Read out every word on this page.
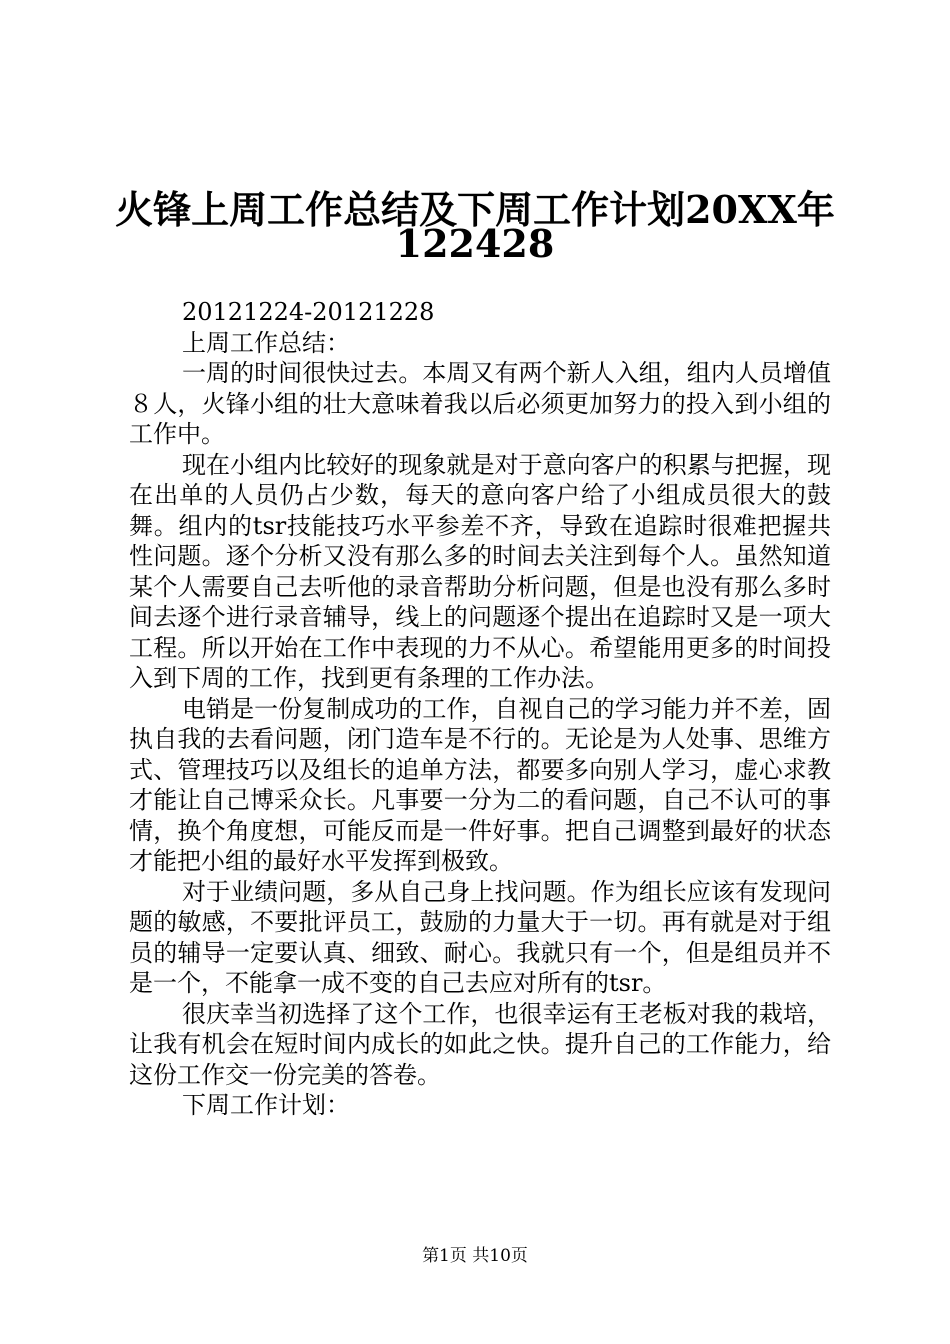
火锋上周工作总结及下周工作计划20XX年
122428

20121224-20121228

上周工作总结：

一周的时间很快过去。本周又有两个新人入组，组内人员增值８人，火锋小组的壮大意味着我以后必须更加努力的投入到小组的工作中。

现在小组内比较好的现象就是对于意向客户的积累与把握，现在出单的人员仍占少数，每天的意向客户给了小组成员很大的鼓舞。组内的tsr技能技巧水平参差不齐，导致在追踪时很难把握共性问题。逐个分析又没有那么多的时间去关注到每个人。虽然知道某个人需要自己去听他的录音帮助分析问题，但是也没有那么多时间去逐个进行录音辅导，线上的问题逐个提出在追踪时又是一项大工程。所以开始在工作中表现的力不从心。希望能用更多的时间投入到下周的工作，找到更有条理的工作办法。

电销是一份复制成功的工作，自视自己的学习能力并不差，固执自我的去看问题，闭门造车是不行的。无论是为人处事、思维方式、管理技巧以及组长的追单方法，都要多向别人学习，虚心求教才能让自己博采众长。凡事要一分为二的看问题，自己不认可的事情，换个角度想，可能反而是一件好事。把自己调整到最好的状态才能把小组的最好水平发挥到极致。

对于业绩问题，多从自己身上找问题。作为组长应该有发现问题的敏感，不要批评员工，鼓励的力量大于一切。再有就是对于组员的辅导一定要认真、细致、耐心。我就只有一个，但是组员并不是一个，不能拿一成不变的自己去应对所有的tsr。

很庆幸当初选择了这个工作，也很幸运有王老板对我的栽培，让我有机会在短时间内成长的如此之快。提升自己的工作能力，给这份工作交一份完美的答卷。

下周工作计划：

第1页 共10页
